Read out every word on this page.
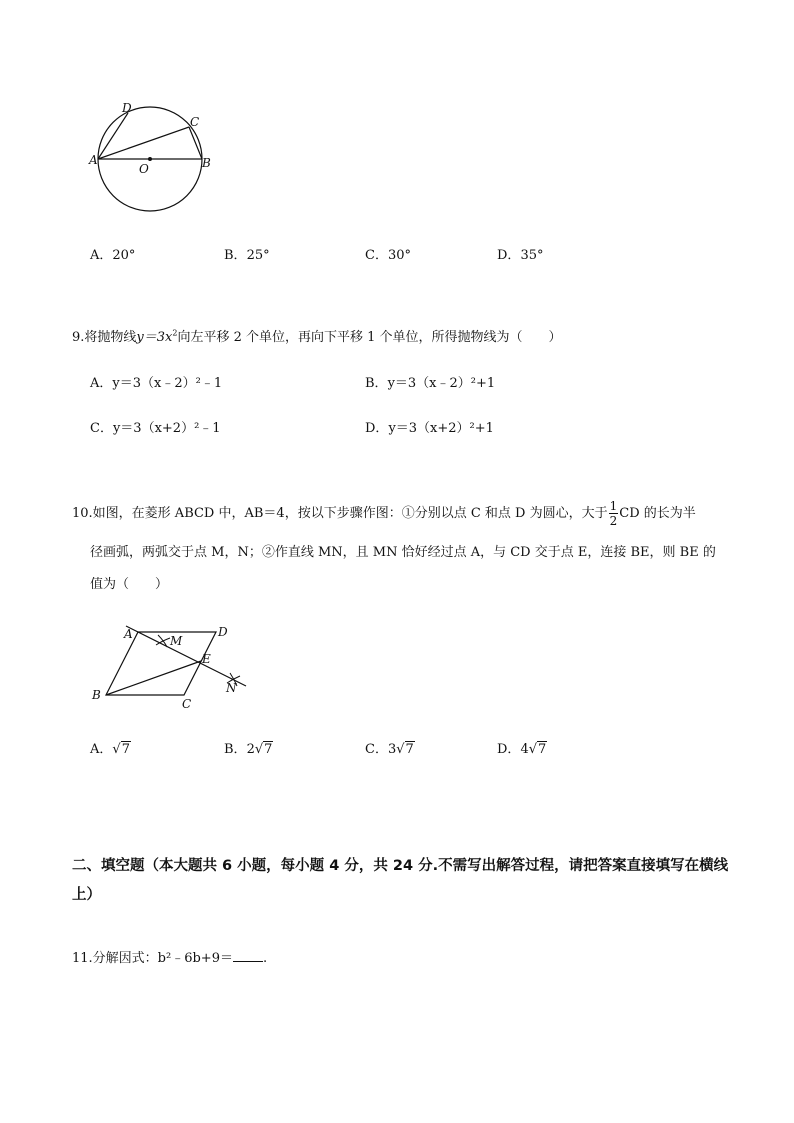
D
C
A
O	B
A．20°	B．25°	C．30°	D．35°
9.将抛物线$y=3x^2$向左平移 2 个单位，再向下平移 1 个单位，所得抛物线为（　　）
A．y＝3（x﹣2）²﹣1	B．y＝3（x﹣2）²+1
C．y＝3（x+2）²﹣1	D．y＝3（x+2）²+1
10.如图，在菱形 ABCD 中，AB＝4，按以下步骤作图：①分别以点 C 和点 D 为圆心，大于 $\frac{1}{2}$ CD 的长为半
径画弧，两弧交于点 M，N；②作直线 MN，且 MN 恰好经过点 A，与 CD 交于点 E，连接 BE，则 BE 的
值为（　　）
A	M
D
E
N
B
C
A．√7	B．2√7	C．3√7	D．4√7
二、填空题（本大题共 6 小题，每小题 4 分，共 24 分.不需写出解答过程，请把答案直接填写在横线上）
11.分解因式：b²﹣6b+9＝ .
